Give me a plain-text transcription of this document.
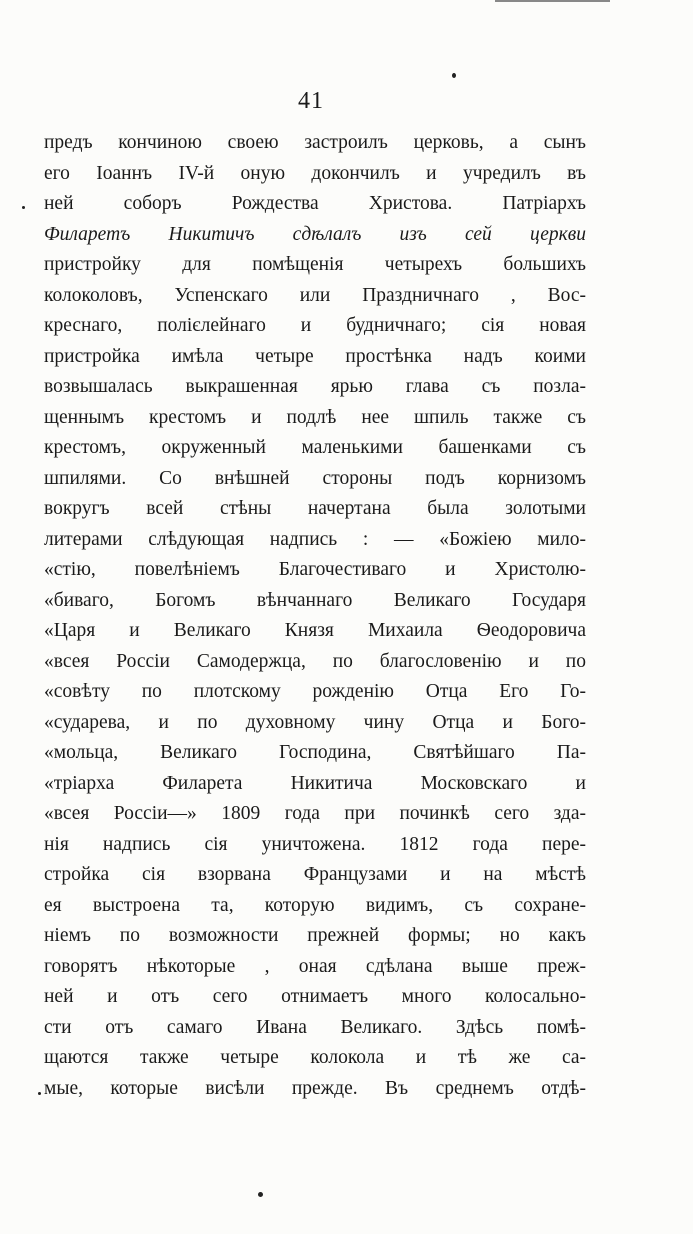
41
предъ кончиною своею застроилъ церковь, а сынъ
его Іоаннъ IV-й оную докончилъ и учредилъ въ
ней соборъ Рождества Христова. Патріархъ
Филаретъ Никитичъ сдѣлалъ изъ сей церкви
пристройку для помѣщенія четырехъ большихъ
колоколовъ, Успенскаго или Праздничнаго , Вос-
креснаго, полієлейнаго и будничнаго; сія новая
пристройка имѣла четыре простѣнка надъ коими
возвышалась выкрашенная ярью глава съ позла-
щеннымъ крестомъ и подлѣ нее шпиль также съ
крестомъ, окруженный маленькими башенками съ
шпилями. Со внѣшней стороны подъ корнизомъ
вокругъ всей стѣны начертана была золотыми
литерами слѣдующая надпись : — «Божіею мило-
«стію, повелѣніемъ Благочестиваго и Христолю-
«биваго, Богомъ вѣнчаннаго Великаго Государя
«Царя и Великаго Князя Михаила Ѳеодоровича
«всея Россіи Самодержца, по благословенію и по
«совѣту по плотскому рожденію Отца Его Го-
«сударева, и по духовному чину Отца и Бого-
«мольца, Великаго Господина, Святѣйшаго Па-
«тріарха Филарета Никитича Московскаго и
«всея Россіи—» 1809 года при починкѣ сего зда-
нія надпись сія уничтожена. 1812 года пере-
стройка сія взорвана Французами и на мѣстѣ
ея выстроена та, которую видимъ, съ сохране-
ніемъ по возможности прежней формы; но какъ
говорятъ нѣкоторые , оная сдѣлана выше преж-
ней и отъ сего отнимаетъ много колосально-
сти отъ самаго Ивана Великаго. Здѣсь помѣ-
щаются также четыре колокола и тѣ же са-
мые, которые висѣли прежде. Въ среднемъ отдѣ-
